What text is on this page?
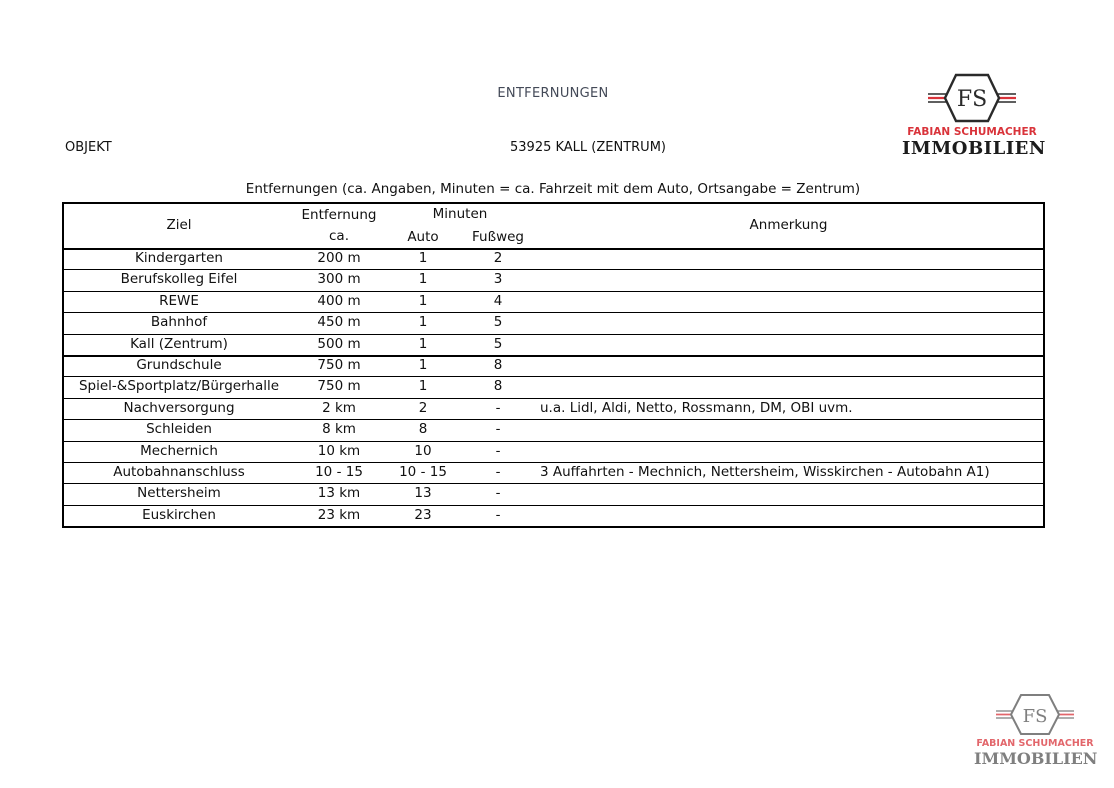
ENTFERNUNGEN
OBJEKT	53925 KALL (ZENTRUM)
FS
FABIAN SCHUMACHER
IMMOBILIEN
Entfernungen (ca. Angaben, Minuten = ca. Fahrzeit mit dem Auto, Ortsangabe = Zentrum)
Ziel
Entfernung
ca.
Minuten
Auto	Fußweg
Anmerkung
Kindergarten	200 m	1	2
Berufskolleg Eifel	300 m	1	3
REWE	400 m	1	4
Bahnhof	450 m	1	5
Kall (Zentrum)	500 m	1	5
Grundschule	750 m	1	8
Spiel-&Sportplatz/Bürgerhalle	750 m	1	8
Nachversorgung	2 km	2	-	u.a. Lidl, Aldi, Netto, Rossmann, DM, OBI uvm.
Schleiden	8 km	8	-
Mechernich	10 km	10	-
Autobahnanschluss	10 - 15	10 - 15	-	3 Auffahrten - Mechnich, Nettersheim, Wisskirchen - Autobahn A1)
Nettersheim	13 km	13	-
Euskirchen	23 km	23	-
FS
FABIAN SCHUMACHER
IMMOBILIEN
